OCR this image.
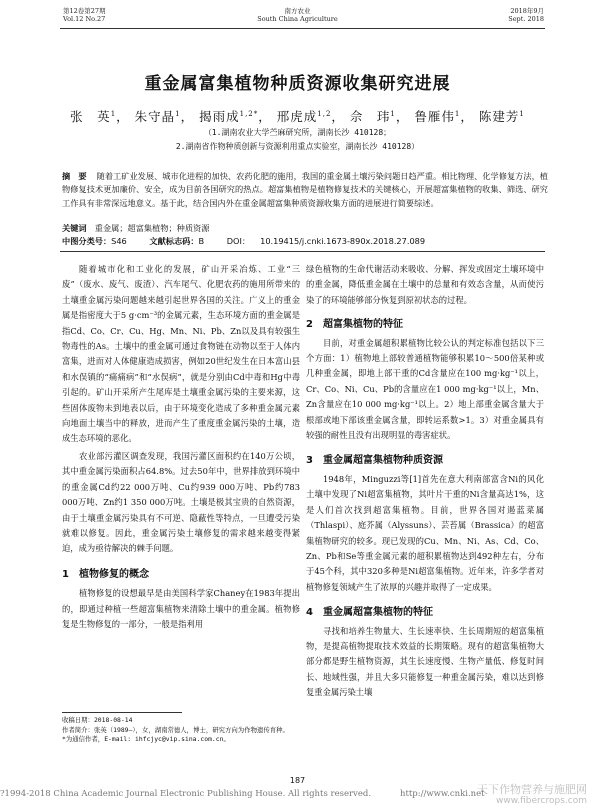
第12卷第27期
Vol.12 No.27
南方农业
South China Agriculture
2018年9月
Sept. 2018
重金属富集植物种质资源收集研究进展
张　英$^1$， 朱守晶$^1$， 揭雨成$^{1,2*}$， 邢虎成$^{1,2}$， 佘　玮$^1$， 鲁雁伟$^1$， 陈建芳$^1$
（1.湖南农业大学苎麻研究所，湖南长沙 410128；
2.湖南省作物种质创新与资源利用重点实验室，湖南长沙 410128）
摘　要 随着工矿业发展、城市化进程的加快、农药化肥的施用，我国的重金属土壤污染问题日趋严重。相比物理、化学修复方法，植物修复技术更加廉价、安全，成为目前各国研究的热点。超富集植物是植物修复技术的关键核心，开展超富集植物的收集、筛选、研究工作具有非常深远地意义。基于此，结合国内外在重金属超富集种质资源收集方面的进展进行简要综述。
关键词　 重金属；超富集植物；种质资源
中图分类号：S46	文献标志码：B	DOI： 10.19415/j.cnki.1673-890x.2018.27.089

随着城市化和工业化的发展，矿山开采冶炼、工业“三废”（废水、废气、废渣）、汽车尾气、化肥农药的施用所带来的土壤重金属污染问题越来越引起世界各国的关注。广义上的重金属是指密度大于5 g·cm⁻³的金属元素，生态环境方面的重金属是指Cd、Co、Cr、Cu、Hg、Mn、Ni、Pb、Zn以及具有较强生物毒性的As。土壤中的重金属可通过食物链在动物以至于人体内富集，进而对人体健康造成损害，例如20世纪发生在日本富山县和水俣镇的“痛痛病”和“水俣病”，就是分别由Cd中毒和Hg中毒引起的。矿山开采所产生尾库是土壤重金属污染的主要来源，这些固体废物未到地表以后，由于环境变化造成了多种重金属元素向地面土壤当中的释放，进而产生了重度重金属污染的土壤，造成生态环境的恶化。

农业部污灌区调查发现，我国污灌区面积约在140万公顷，其中重金属污染面积占64.8%。过去50年中，世界排放到环境中的重金属Cd约22 000万吨、Cu约939 000万吨、Pb约783 000万吨、Zn约1 350 000万吨。土壤是极其宝贵的自然资源，由于土壤重金属污染具有不可逆、隐蔽性等特点，一旦遭受污染就难以修复。因此，重金属污染土壤修复的需求越来越变得紧迫，成为亟待解决的棘手问题。

1　植物修复的概念

植物修复的设想最早是由美国科学家Chaney在1983年提出的，即通过种植一些超富集植物来清除土壤中的重金属。植物修复是生物修复的一部分，一般是指利用

绿色植物的生命代谢活动来吸收、分解、挥发或固定土壤环境中的重金属，降低重金属在土壤中的总量和有效态含量，从而使污染了的环境能够部分恢复到原初状态的过程。

2　超富集植物的特征

目前，对重金属超积累植物比较公认的判定标准包括以下三个方面：1）植物地上部较普通植物能够积累10～500倍某种或几种重金属，即地上部干重的Cd含量应在100 mg·kg⁻¹以上，Cr、Co、Ni、Cu、Pb的含量应在1 000 mg·kg⁻¹以上，Mn、Zn含量应在10 000 mg·kg⁻¹以上。2）地上部重金属含量大于根部或地下部该重金属含量，即转运系数>1。3）对重金属具有较强的耐性且没有出现明显的毒害症状。

3　重金属超富集植物种质资源

1948年，Minguzzi等[1]首先在意大利南部富含Ni的风化土壤中发现了Ni超富集植物，其叶片干重的Ni含量高达1%，这是人们首次找到超富集植物。目前，世界各国对遏蓝菜属（Thlaspi）、庭芥属（Alyssuns）、芸苔属（Brassica）的超富集植物研究的较多。现已发现的Cu、Mn、Ni、As、Cd、Co、Zn、Pb和Se等重金属元素的超积累植物达到492种左右，分布于45个科，其中320多种是Ni超富集植物。近年来，许多学者对植物修复领域产生了浓厚的兴趣并取得了一定成果。

4　重金属超富集植物的特征

寻找和培养生物量大、生长速率快、生长周期短的超富集植物，是提高植物提取技术效益的长期策略。现有的超富集植物大部分都是野生植物资源，其生长速度慢、生物产量低、修复时间长、地域性强，并且大多只能修复一种重金属污染，难以达到修复重金属污染土壤

收稿日期：2018-08-14
作者简介：张英（1989—），女，湖南常德人，博士，研究方向为作物遗传育种。
*为通信作者，E-mail: ihfcjyc@vip.sina.com.cn。
187
?1994-2018 China Academic Journal Electronic Publishing House. All rights reserved.	http://www.cnki.net
天下作物营养与施肥网
www.fibercrops.com
